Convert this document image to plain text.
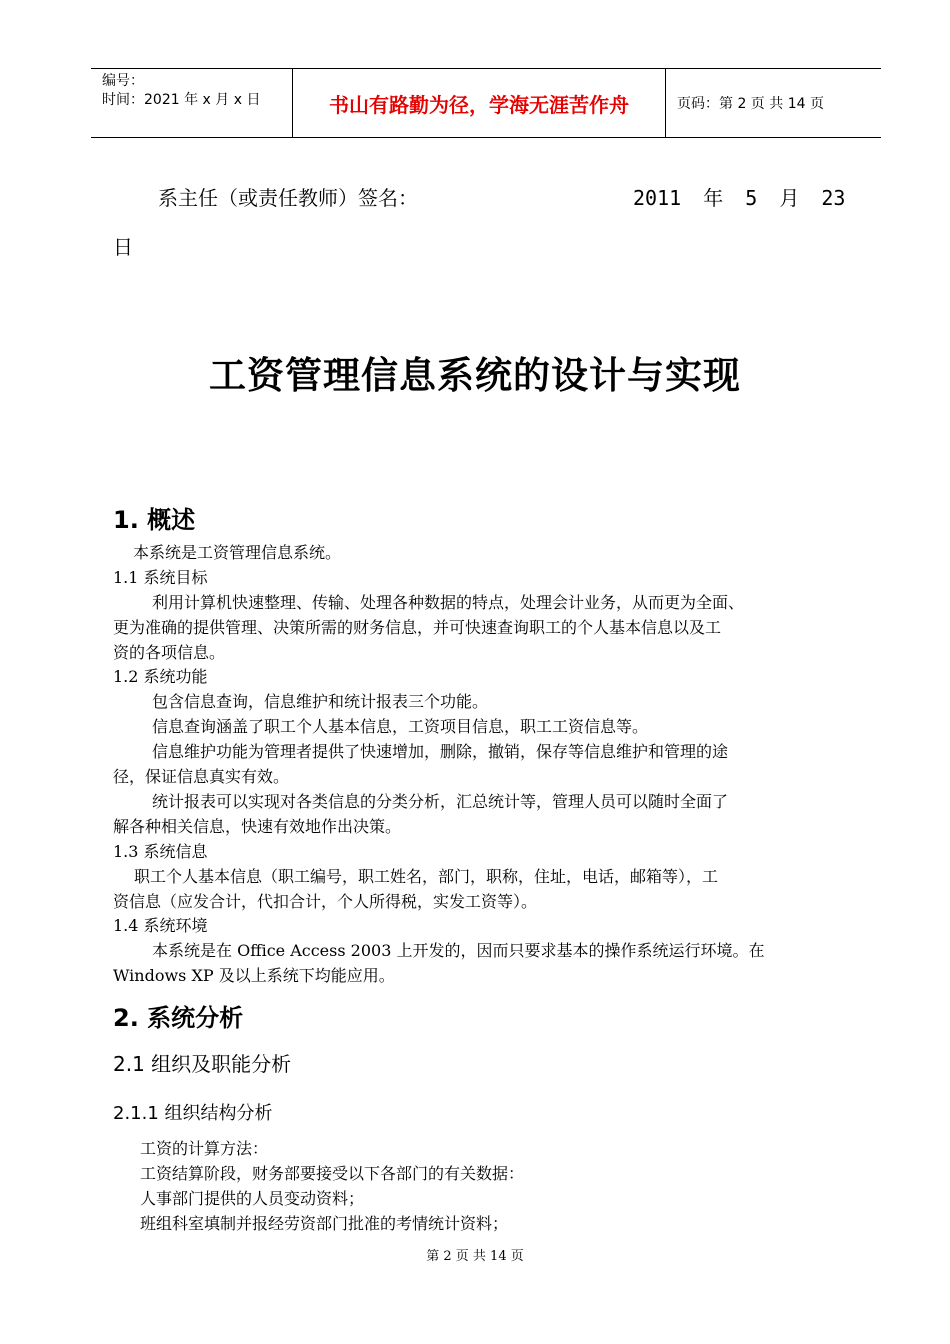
编号：
时间：2021 年 x 月 x 日	书山有路勤为径，学海无涯苦作舟	页码：第 2 页 共 14 页
系主任（或责任教师）签名：	2011 年 5 月 23
日
工资管理信息系统的设计与实现
1. 概述
本系统是工资管理信息系统。
1.1 系统目标
利用计算机快速整理、传输、处理各种数据的特点，处理会计业务，从而更为全面、
更为准确的提供管理、决策所需的财务信息，并可快速查询职工的个人基本信息以及工
资的各项信息。
1.2 系统功能
包含信息查询，信息维护和统计报表三个功能。
信息查询涵盖了职工个人基本信息，工资项目信息，职工工资信息等。
信息维护功能为管理者提供了快速增加，删除，撤销，保存等信息维护和管理的途
径，保证信息真实有效。
统计报表可以实现对各类信息的分类分析，汇总统计等，管理人员可以随时全面了
解各种相关信息，快速有效地作出决策。
1.3 系统信息
职工个人基本信息（职工编号，职工姓名，部门，职称，住址，电话，邮箱等），工
资信息（应发合计，代扣合计，个人所得税，实发工资等）。
1.4 系统环境
本系统是在 Office Access 2003 上开发的，因而只要求基本的操作系统运行环境。在
Windows XP 及以上系统下均能应用。
2. 系统分析
2.1 组织及职能分析
2.1.1 组织结构分析
工资的计算方法：
工资结算阶段，财务部要接受以下各部门的有关数据：
人事部门提供的人员变动资料；
班组科室填制并报经劳资部门批准的考情统计资料；
第 2 页 共 14 页
